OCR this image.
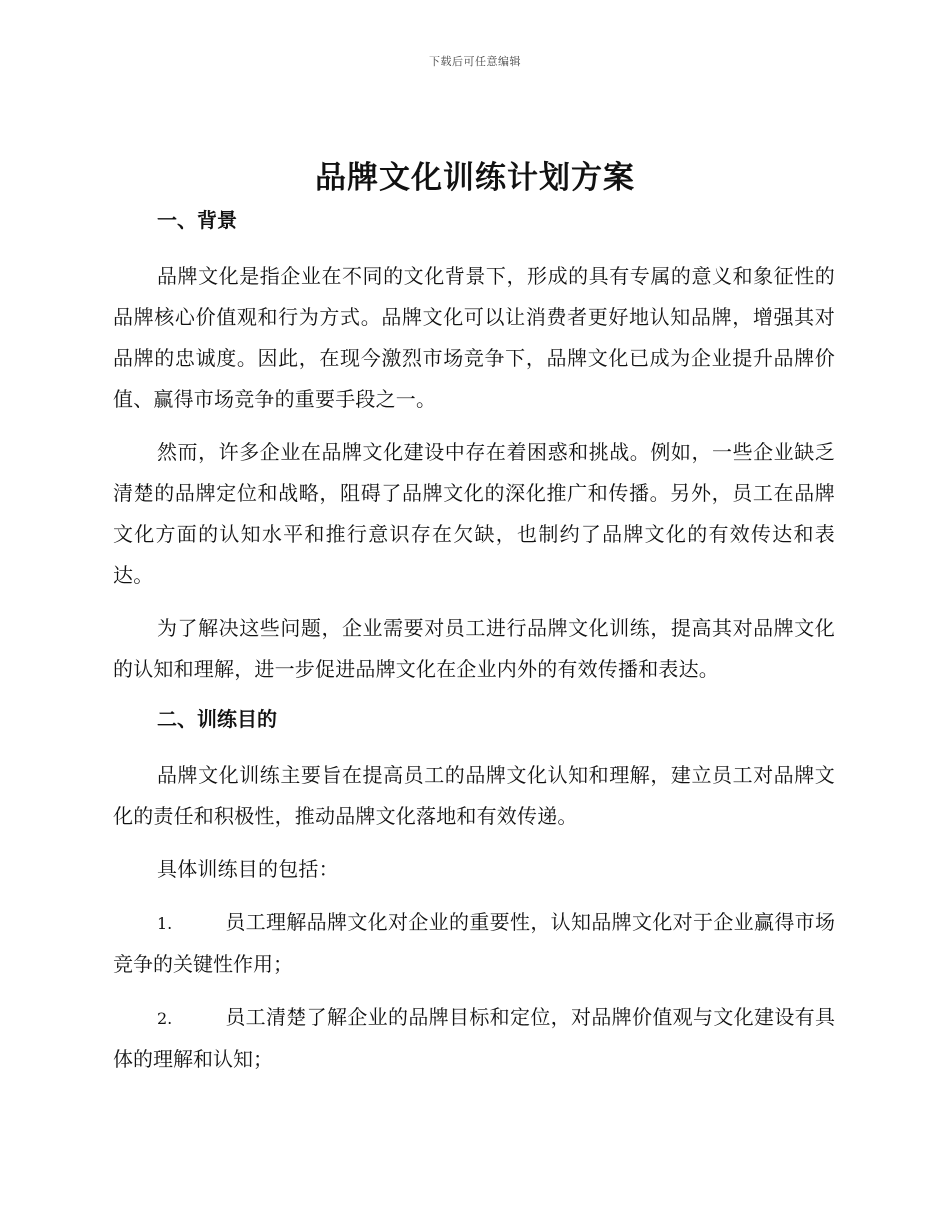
下载后可任意编辑
品牌文化训练计划方案
一、背景

品牌文化是指企业在不同的文化背景下，形成的具有专属的意义和象征性的品牌核心价值观和行为方式。品牌文化可以让消费者更好地认知品牌，增强其对品牌的忠诚度。因此，在现今激烈市场竞争下，品牌文化已成为企业提升品牌价值、赢得市场竞争的重要手段之一。

然而，许多企业在品牌文化建设中存在着困惑和挑战。例如，一些企业缺乏清楚的品牌定位和战略，阻碍了品牌文化的深化推广和传播。另外，员工在品牌文化方面的认知水平和推行意识存在欠缺，也制约了品牌文化的有效传达和表达。

为了解决这些问题，企业需要对员工进行品牌文化训练，提高其对品牌文化的认知和理解，进一步促进品牌文化在企业内外的有效传播和表达。

二、训练目的

品牌文化训练主要旨在提高员工的品牌文化认知和理解，建立员工对品牌文化的责任和积极性，推动品牌文化落地和有效传递。

具体训练目的包括：

1.	员工理解品牌文化对企业的重要性，认知品牌文化对于企业赢得市场竞争的关键性作用；

2.	员工清楚了解企业的品牌目标和定位，对品牌价值观与文化建设有具体的理解和认知；
